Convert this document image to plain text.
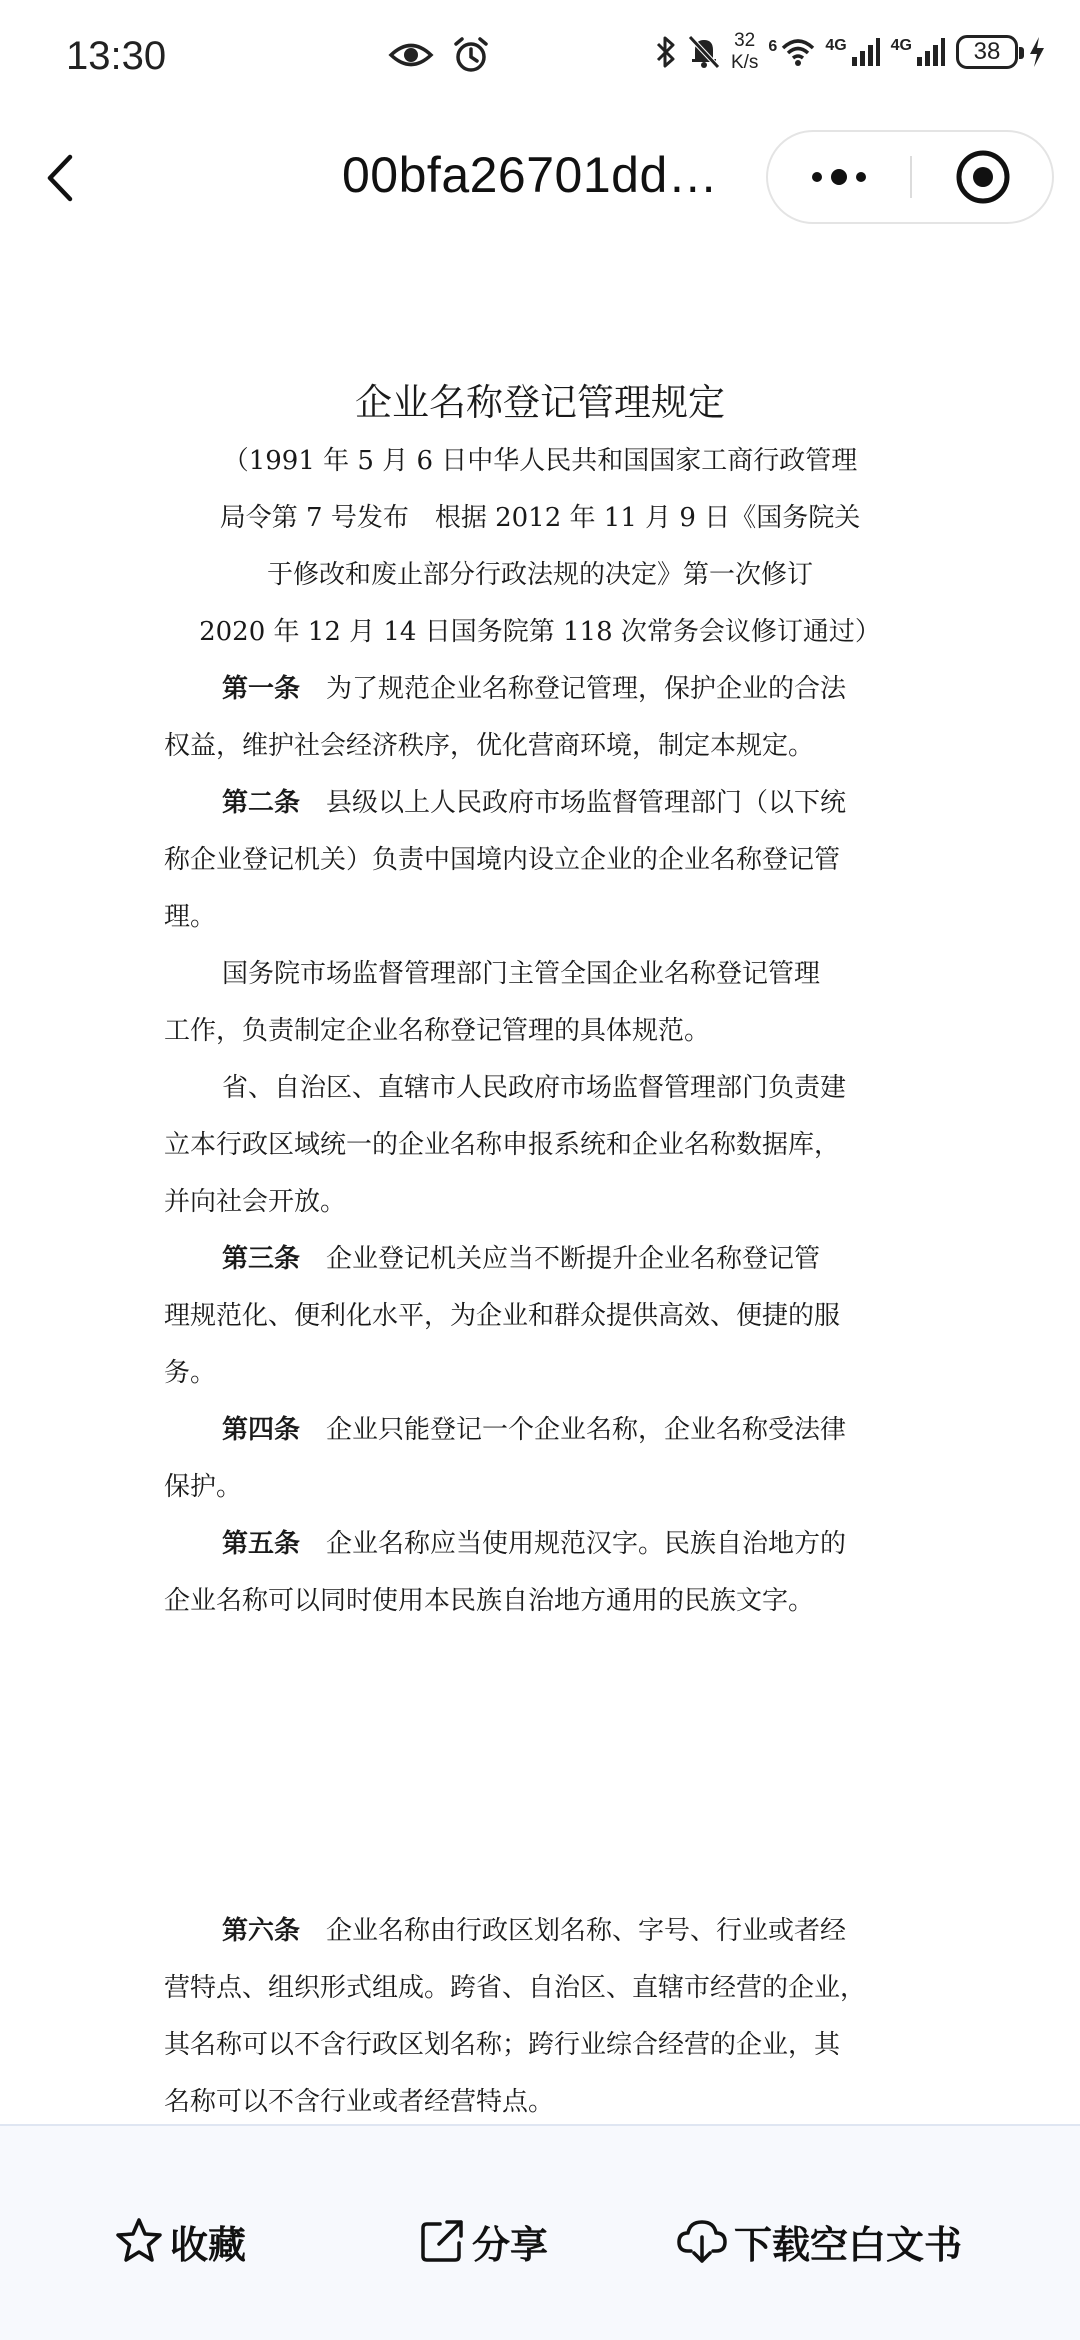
13:30	32
K/s
6	4G	4G	38
00bfa26701dd…
企业名称登记管理规定
（1991 年 5 月 6 日中华人民共和国国家工商行政管理
局令第 7 号发布　根据 2012 年 11 月 9 日《国务院关
于修改和废止部分行政法规的决定》第一次修订
2020 年 12 月 14 日国务院第 118 次常务会议修订通过）
第一条 为了规范企业名称登记管理，保护企业的合法
权益，维护社会经济秩序，优化营商环境，制定本规定。
第二条 县级以上人民政府市场监督管理部门（以下统
称企业登记机关）负责中国境内设立企业的企业名称登记管
理。
国务院市场监督管理部门主管全国企业名称登记管理
工作，负责制定企业名称登记管理的具体规范。
省、自治区、直辖市人民政府市场监督管理部门负责建
立本行政区域统一的企业名称申报系统和企业名称数据库，
并向社会开放。
第三条 企业登记机关应当不断提升企业名称登记管
理规范化、便利化水平，为企业和群众提供高效、便捷的服
务。
第四条 企业只能登记一个企业名称，企业名称受法律
保护。
第五条 企业名称应当使用规范汉字。民族自治地方的
企业名称可以同时使用本民族自治地方通用的民族文字。
第六条 企业名称由行政区划名称、字号、行业或者经
营特点、组织形式组成。跨省、自治区、直辖市经营的企业，
其名称可以不含行政区划名称；跨行业综合经营的企业，其
名称可以不含行业或者经营特点。
收藏	分享	下载空白文书
